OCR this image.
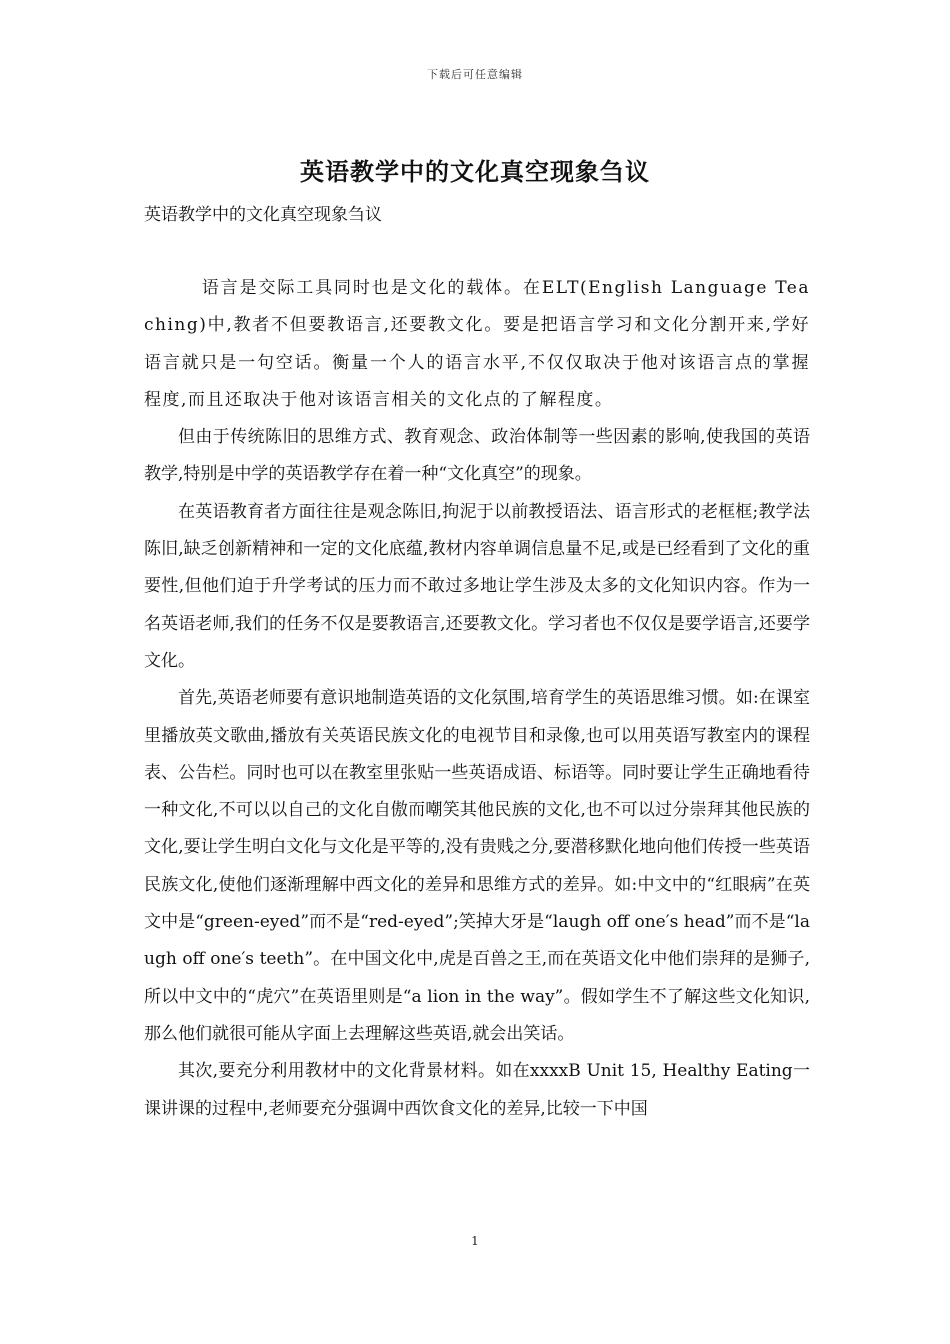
下载后可任意编辑
英语教学中的文化真空现象刍议

英语教学中的文化真空现象刍议

语言是交际工具同时也是文化的载体。在ELT(English Language Teaching)中,教者不但要教语言,还要教文化。要是把语言学习和文化分割开来,学好语言就只是一句空话。衡量一个人的语言水平,不仅仅取决于他对该语言点的掌握程度,而且还取决于他对该语言相关的文化点的了解程度。

但由于传统陈旧的思维方式、教育观念、政治体制等一些因素的影响,使我国的英语教学,特别是中学的英语教学存在着一种“文化真空”的现象。

在英语教育者方面往往是观念陈旧,拘泥于以前教授语法、语言形式的老框框;教学法陈旧,缺乏创新精神和一定的文化底蕴,教材内容单调信息量不足,或是已经看到了文化的重要性,但他们迫于升学考试的压力而不敢过多地让学生涉及太多的文化知识内容。作为一名英语老师,我们的任务不仅是要教语言,还要教文化。学习者也不仅仅是要学语言,还要学文化。

首先,英语老师要有意识地制造英语的文化氛围,培育学生的英语思维习惯。如:在课室里播放英文歌曲,播放有关英语民族文化的电视节目和录像,也可以用英语写教室内的课程表、公告栏。同时也可以在教室里张贴一些英语成语、标语等。同时要让学生正确地看待一种文化,不可以以自己的文化自傲而嘲笑其他民族的文化,也不可以过分崇拜其他民族的文化,要让学生明白文化与文化是平等的,没有贵贱之分,要潜移默化地向他们传授一些英语民族文化,使他们逐渐理解中西文化的差异和思维方式的差异。如:中文中的“红眼病”在英文中是“green-eyed”而不是“red-eyed”;笑掉大牙是“laugh off one′s head”而不是“laugh off one′s teeth”。在中国文化中,虎是百兽之王,而在英语文化中他们崇拜的是狮子,所以中文中的“虎穴”在英语里则是“a lion in the way”。假如学生不了解这些文化知识,那么他们就很可能从字面上去理解这些英语,就会出笑话。

其次,要充分利用教材中的文化背景材料。如在xxxxB Unit 15, Healthy Eating一课讲课的过程中,老师要充分强调中西饮食文化的差异,比较一下中国

1
